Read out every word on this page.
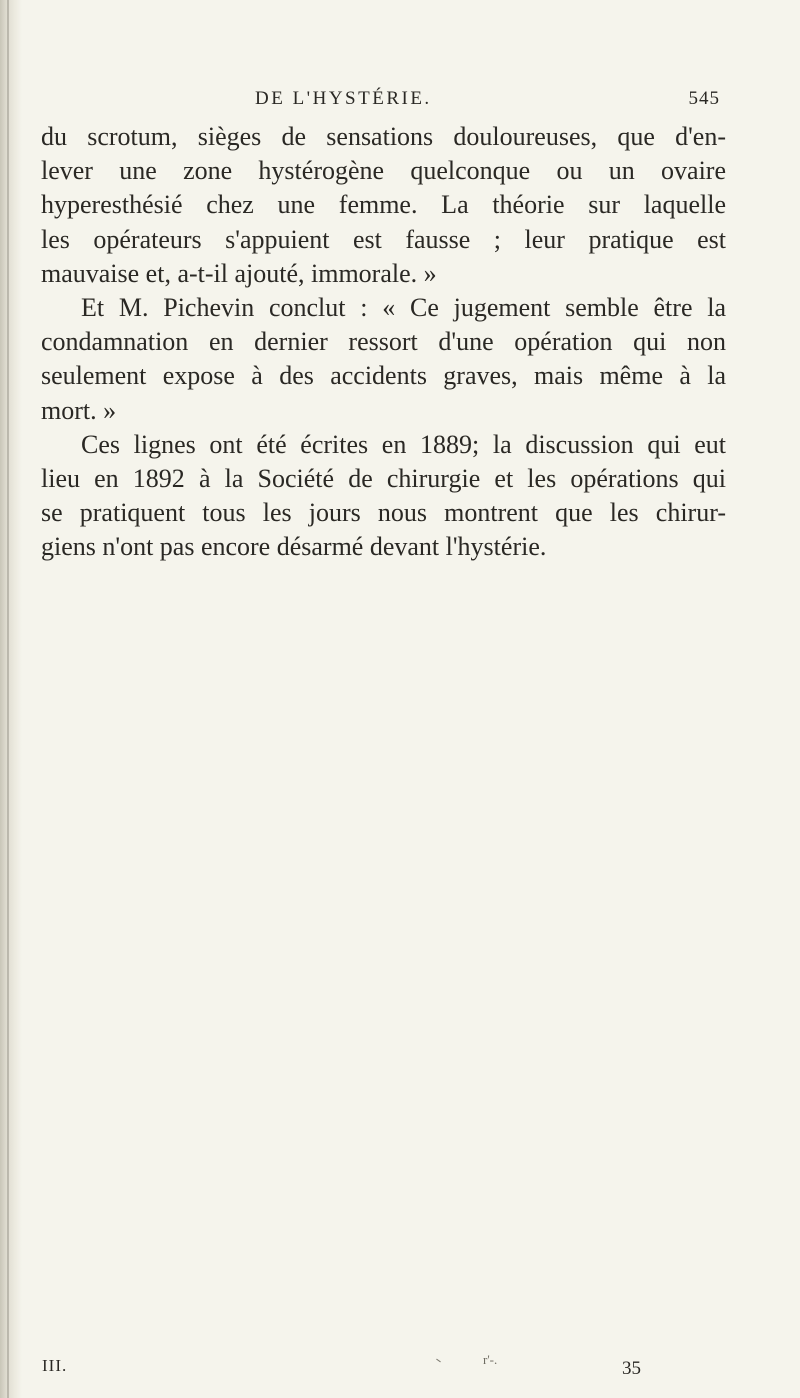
DE L'HYSTÉRIE.	545
du scrotum, sièges de sensations douloureuses, que d'en-
lever une zone hystérogène quelconque ou un ovaire
hyperesthésié chez une femme. La théorie sur laquelle
les opérateurs s'appuient est fausse ; leur pratique est
mauvaise et, a-t-il ajouté, immorale. »
Et M. Pichevin conclut : « Ce jugement semble être la
condamnation en dernier ressort d'une opération qui non
seulement expose à des accidents graves, mais même à la
mort. »
Ces lignes ont été écrites en 1889; la discussion qui eut
lieu en 1892 à la Société de chirurgie et les opérations qui
se pratiquent tous les jours nous montrent que les chirur-
giens n'ont pas encore désarmé devant l'hystérie.
III.	r'-.	35
